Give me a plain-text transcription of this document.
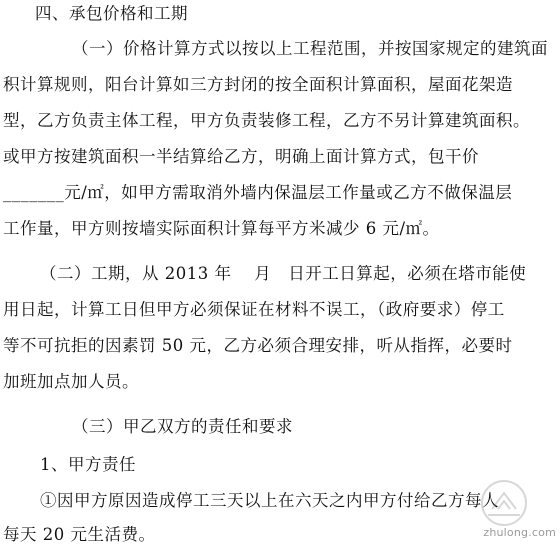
四、承包价格和工期
（一）价格计算方式以按以上工程范围，并按国家规定的建筑面
积计算规则，阳台计算如三方封闭的按全面积计算面积，屋面花架造
型，乙方负责主体工程，甲方负责装修工程，乙方不另计算建筑面积。
或甲方按建筑面积一半结算给乙方，明确上面计算方式，包干价
_______元/㎡，如甲方需取消外墙内保温层工作量或乙方不做保温层
工作量，甲方则按墙实际面积计算每平方米减少 6 元/㎡。
（二）工期，从 2013 年　 月　日开工日算起，必须在塔市能使
用日起，计算工日但甲方必须保证在材料不误工，（政府要求）停工
等不可抗拒的因素罚 50 元，乙方必须合理安排，听从指挥，必要时
加班加点加人员。
（三）甲乙双方的责任和要求
1、甲方责任
①因甲方原因造成停工三天以上在六天之内甲方付给乙方每人
每天 20 元生活费。	zhulong.com
